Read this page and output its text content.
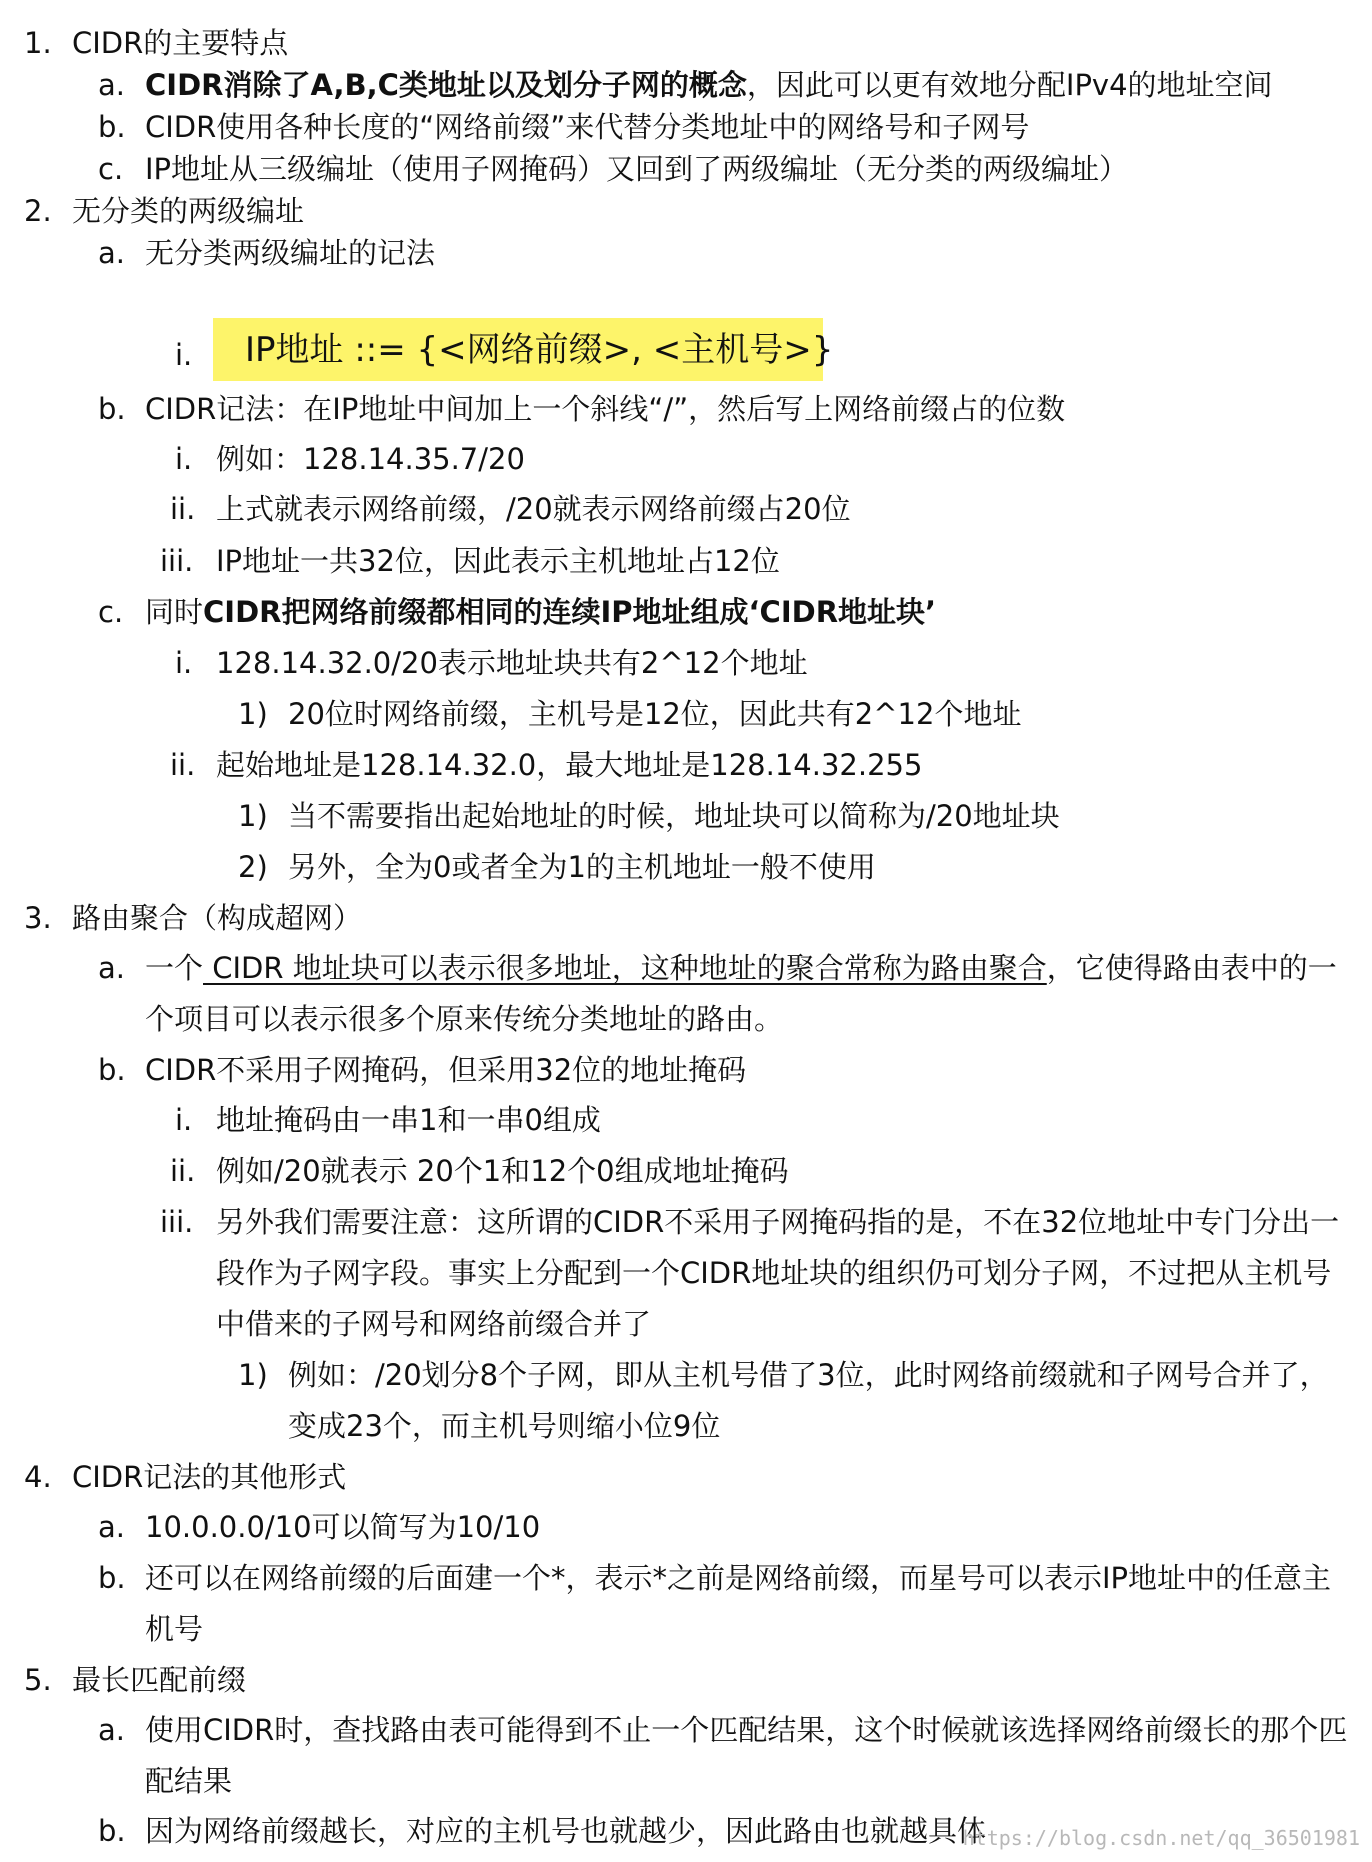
1. CIDR的主要特点
a. CIDR消除了A,B,C类地址以及划分子网的概念，因此可以更有效地分配IPv4的地址空间
b. CIDR使用各种长度的“网络前缀”来代替分类地址中的网络号和子网号
c. IP地址从三级编址（使用子网掩码）又回到了两级编址（无分类的两级编址）
2. 无分类的两级编址
a. 无分类两级编址的记法
i. IP地址 ::= {<网络前缀>, <主机号>}
b. CIDR记法：在IP地址中间加上一个斜线“/”，然后写上网络前缀占的位数
i. 例如：128.14.35.7/20
ii. 上式就表示网络前缀，/20就表示网络前缀占20位
iii. IP地址一共32位，因此表示主机地址占12位
c. 同时CIDR把网络前缀都相同的连续IP地址组成‘CIDR地址块’
i. 128.14.32.0/20表示地址块共有2^12个地址
1) 20位时网络前缀，主机号是12位，因此共有2^12个地址
ii. 起始地址是128.14.32.0，最大地址是128.14.32.255
1) 当不需要指出起始地址的时候，地址块可以简称为/20地址块
2) 另外，全为0或者全为1的主机地址一般不使用
3. 路由聚合（构成超网）
a. 一个 CIDR 地址块可以表示很多地址，这种地址的聚合常称为路由聚合，它使得路由表中的一
个项目可以表示很多个原来传统分类地址的路由。
b. CIDR不采用子网掩码，但采用32位的地址掩码
i. 地址掩码由一串1和一串0组成
ii. 例如/20就表示 20个1和12个0组成地址掩码
iii. 另外我们需要注意：这所谓的CIDR不采用子网掩码指的是，不在32位地址中专门分出一
段作为子网字段。事实上分配到一个CIDR地址块的组织仍可划分子网，不过把从主机号
中借来的子网号和网络前缀合并了
1) 例如：/20划分8个子网，即从主机号借了3位，此时网络前缀就和子网号合并了，
变成23个，而主机号则缩小位9位
4. CIDR记法的其他形式
a. 10.0.0.0/10可以简写为10/10
b. 还可以在网络前缀的后面建一个*，表示*之前是网络前缀，而星号可以表示IP地址中的任意主
机号
5. 最长匹配前缀
a. 使用CIDR时，查找路由表可能得到不止一个匹配结果，这个时候就该选择网络前缀长的那个匹
配结果
b. 因为网络前缀越长，对应的主机号也就越少，因此路由也就越具体
https://blog.csdn.net/qq_36501981
